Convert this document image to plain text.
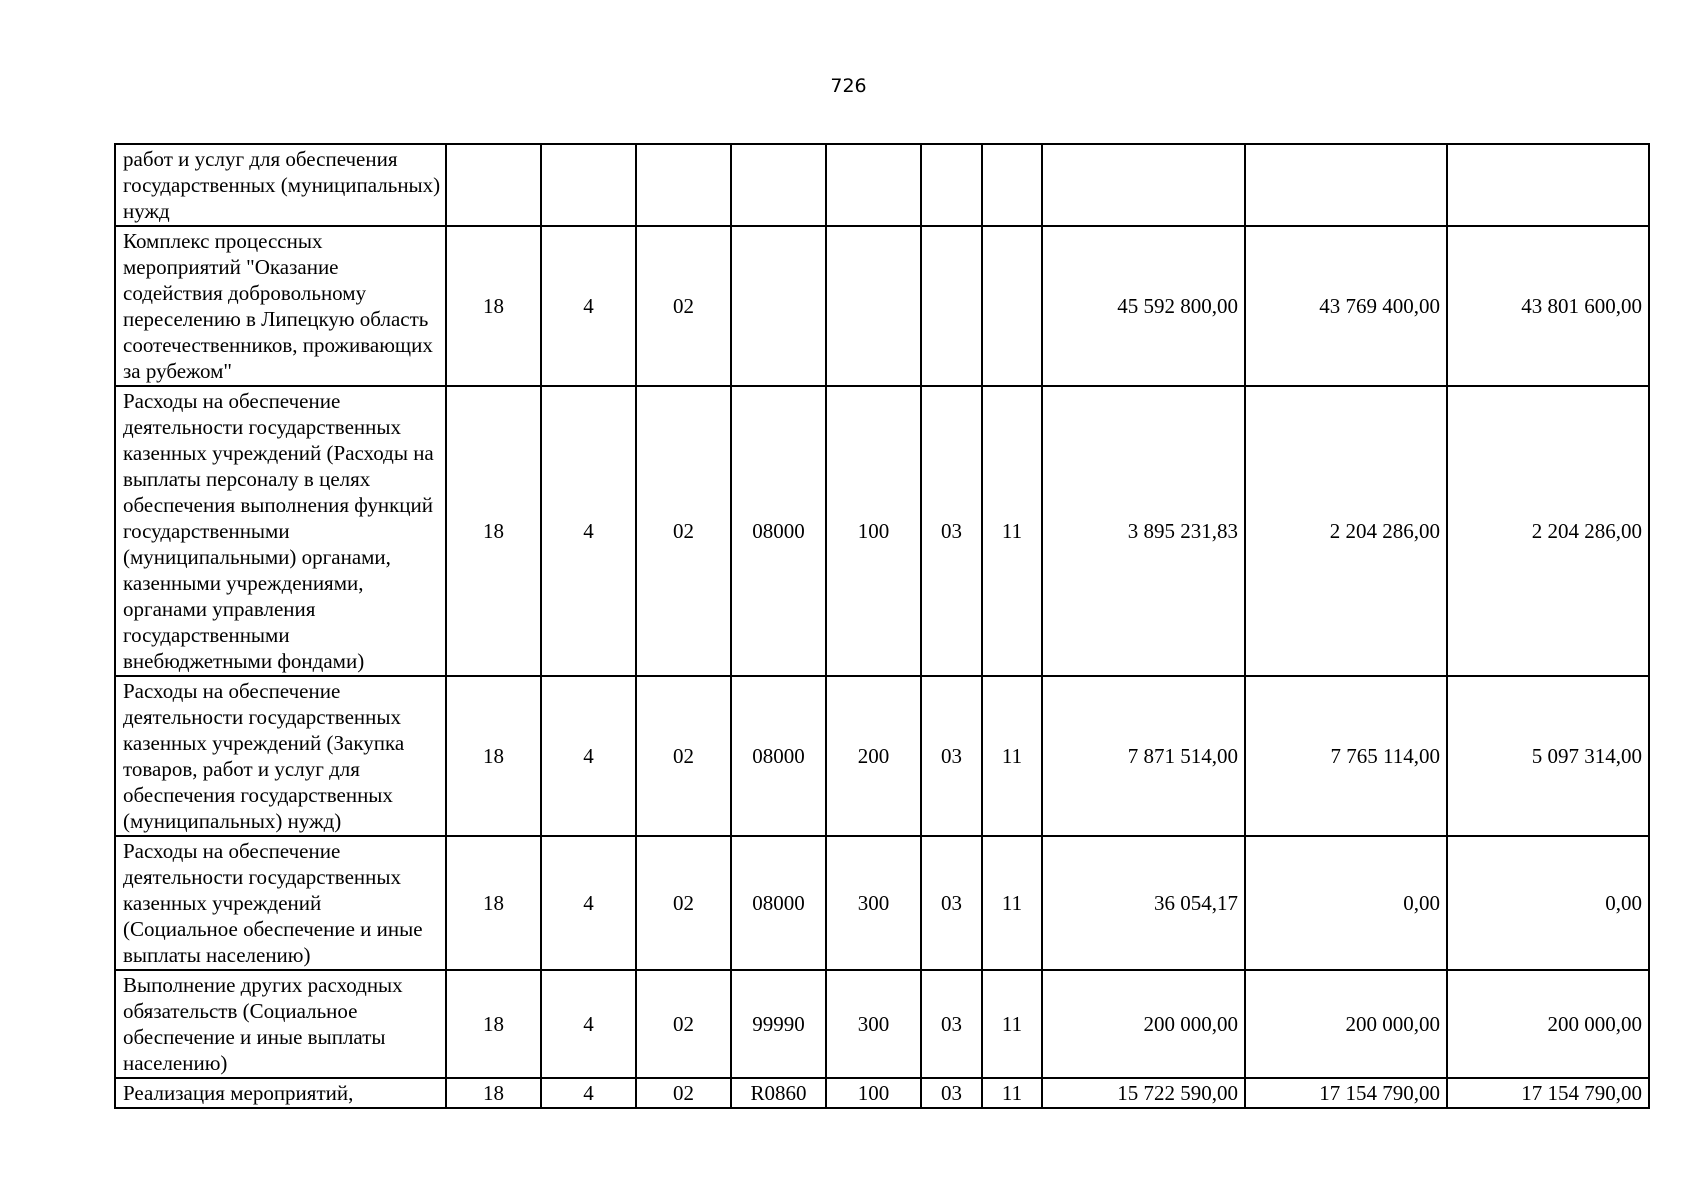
726
работ и услуг для обеспечения государственных (муниципальных) нужд										
Комплекс процессных мероприятий "Оказание содействия добровольному переселению в Липецкую область соотечественников, проживающих за рубежом"	18	4	02					45 592 800,00	43 769 400,00	43 801 600,00
Расходы на обеспечение деятельности государственных казенных учреждений (Расходы на выплаты персоналу в целях обеспечения выполнения функций государственными (муниципальными) органами, казенными учреждениями, органами управления государственными внебюджетными фондами)	18	4	02	08000	100	03	11	3 895 231,83	2 204 286,00	2 204 286,00
Расходы на обеспечение деятельности государственных казенных учреждений (Закупка товаров, работ и услуг для обеспечения государственных (муниципальных) нужд)	18	4	02	08000	200	03	11	7 871 514,00	7 765 114,00	5 097 314,00
Расходы на обеспечение деятельности государственных казенных учреждений (Социальное обеспечение и иные выплаты населению)	18	4	02	08000	300	03	11	36 054,17	0,00	0,00
Выполнение других расходных обязательств (Социальное обеспечение и иные выплаты населению)	18	4	02	99990	300	03	11	200 000,00	200 000,00	200 000,00
Реализация мероприятий,	18	4	02	R0860	100	03	11	15 722 590,00	17 154 790,00	17 154 790,00
